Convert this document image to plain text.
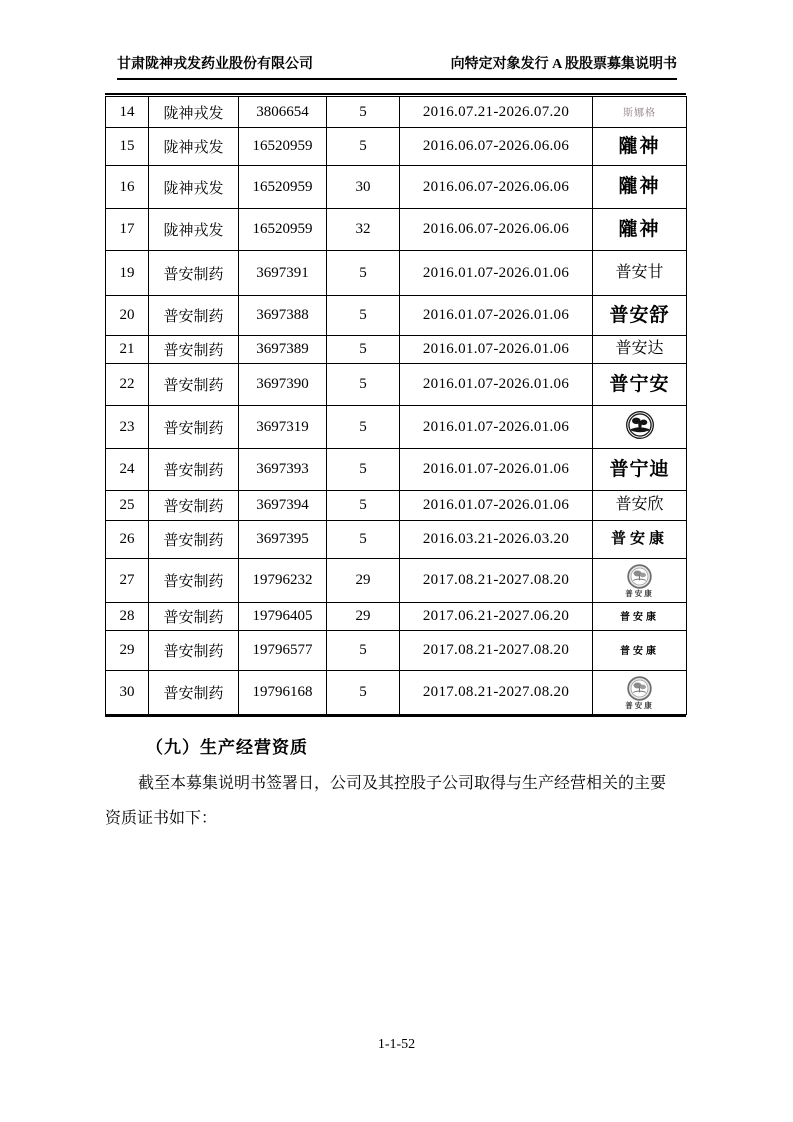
甘肃陇神戎发药业股份有限公司	向特定对象发行 A 股股票募集说明书
14	陇神戎发	3806654	5	2016.07.21-2026.07.20	斯娜格
15	陇神戎发	16520959	5	2016.06.07-2026.06.06	隴神
16	陇神戎发	16520959	30	2016.06.07-2026.06.06	隴神
17	陇神戎发	16520959	32	2016.06.07-2026.06.06	隴神
19	普安制药	3697391	5	2016.01.07-2026.01.06	普安甘
20	普安制药	3697388	5	2016.01.07-2026.01.06	普安舒
21	普安制药	3697389	5	2016.01.07-2026.01.06	普安达
22	普安制药	3697390	5	2016.01.07-2026.01.06	普宁安
23	普安制药	3697319	5	2016.01.07-2026.01.06	
24	普安制药	3697393	5	2016.01.07-2026.01.06	普宁迪
25	普安制药	3697394	5	2016.01.07-2026.01.06	普安欣
26	普安制药	3697395	5	2016.03.21-2026.03.20	普安康
27	普安制药	19796232	29	2017.08.21-2027.08.20	普安康

28	普安制药	19796405	29	2017.06.21-2027.06.20	普安康
29	普安制药	19796577	5	2017.08.21-2027.08.20	普安康
30	普安制药	19796168	5	2017.08.21-2027.08.20	普安康
（九）生产经营资质
截至本募集说明书签署日，公司及其控股子公司取得与生产经营相关的主要
资质证书如下：
1-1-52
